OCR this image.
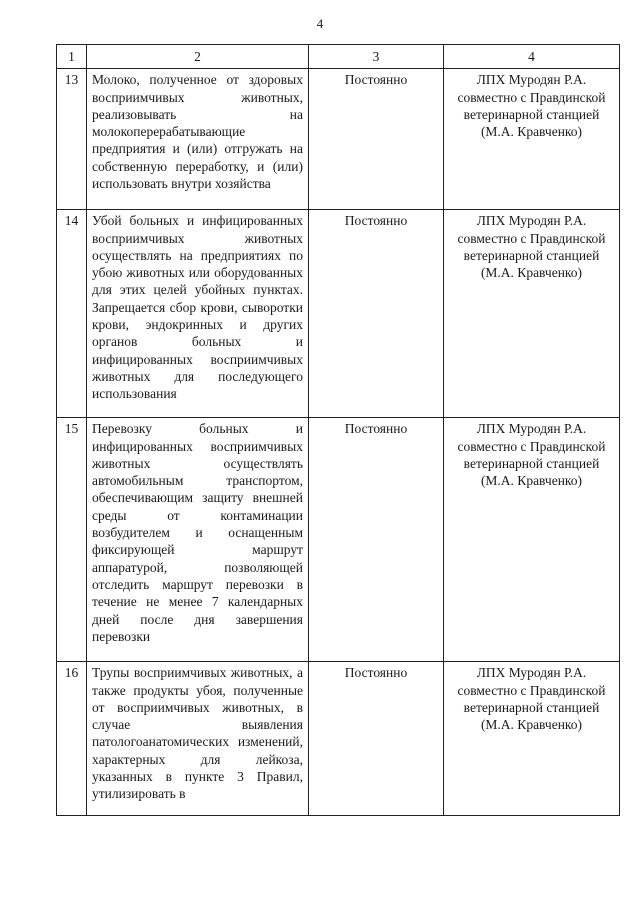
4
1	2	3	4
13	Молоко, полученное от здоровых восприимчивых животных, реализовывать на молокоперерабатывающие предприятия и (или) отгружать на собственную переработку, и (или) использовать внутри хозяйства	Постоянно	ЛПХ Муродян Р.А. совместно с Правдинской ветеринарной станцией (М.А. Кравченко)
14	Убой больных и инфицированных восприимчивых животных осуществлять на предприятиях по убою животных или оборудованных для этих целей убойных пунктах. Запрещается сбор крови, сыворотки крови, эндокринных и других органов больных и инфицированных восприимчивых животных для последующего использования	Постоянно	ЛПХ Муродян Р.А. совместно с Правдинской ветеринарной станцией (М.А. Кравченко)
15	Перевозку больных и инфицированных восприимчивых животных осуществлять автомобильным транспортом, обеспечивающим защиту внешней среды от контаминации возбудителем и оснащенным фиксирующей маршрут аппаратурой, позволяющей отследить маршрут перевозки в течение не менее 7 календарных дней после дня завершения перевозки	Постоянно	ЛПХ Муродян Р.А. совместно с Правдинской ветеринарной станцией (М.А. Кравченко)
16	Трупы восприимчивых животных, а также продукты убоя, полученные от восприимчивых животных, в случае выявления патологоанатомических изменений, характерных для лейкоза, указанных в пункте 3 Правил, утилизировать в	Постоянно	ЛПХ Муродян Р.А. совместно с Правдинской ветеринарной станцией (М.А. Кравченко)
